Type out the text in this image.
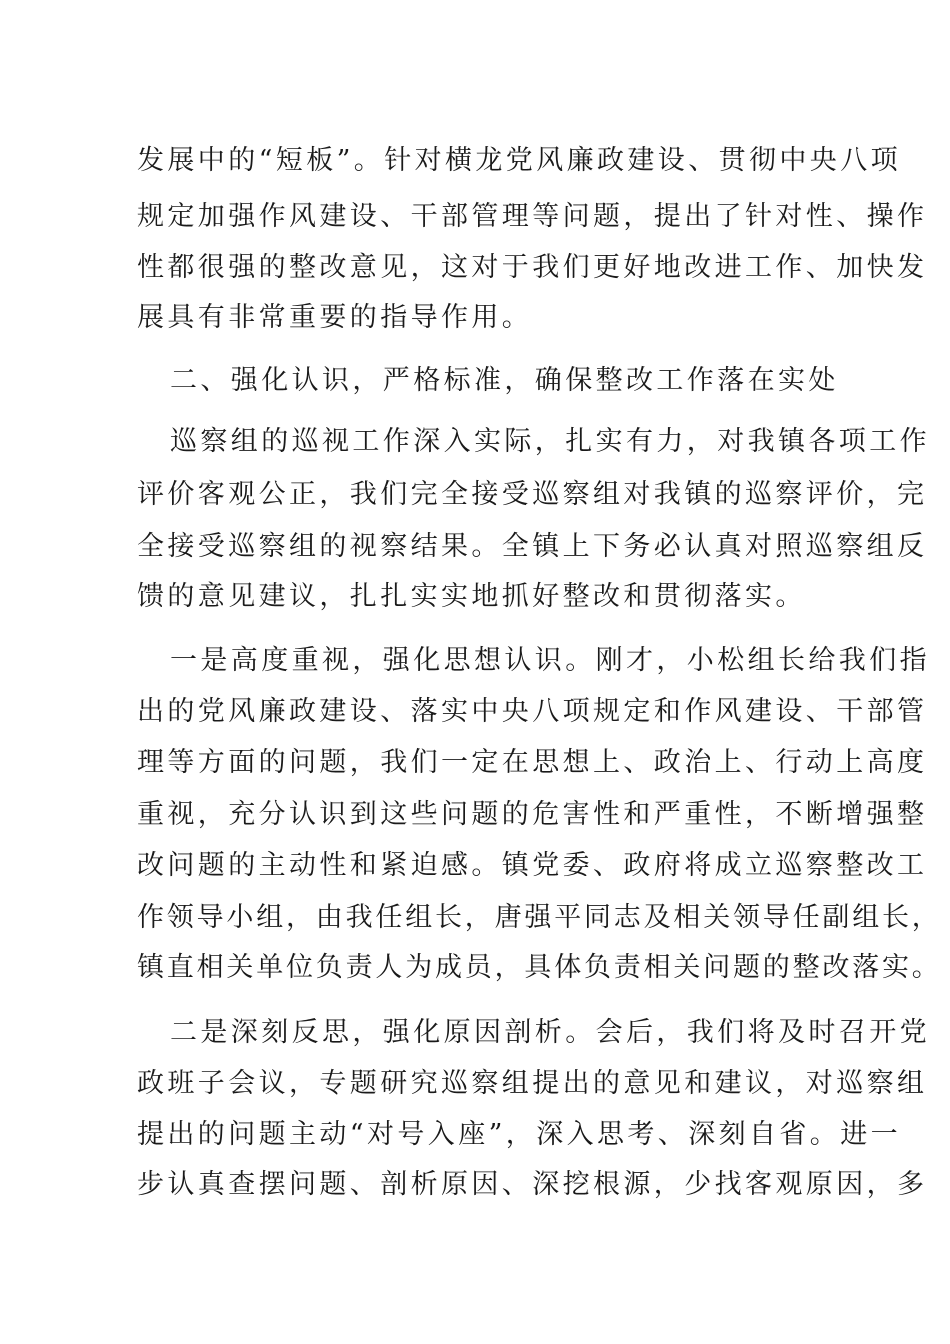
发展中的“短板”。针对横龙党风廉政建设、贯彻中央八项
规定加强作风建设、干部管理等问题，提出了针对性、操作
性都很强的整改意见，这对于我们更好地改进工作、加快发
展具有非常重要的指导作用。
二、强化认识，严格标准，确保整改工作落在实处
巡察组的巡视工作深入实际，扎实有力，对我镇各项工作
评价客观公正，我们完全接受巡察组对我镇的巡察评价，完
全接受巡察组的视察结果。全镇上下务必认真对照巡察组反
馈的意见建议，扎扎实实地抓好整改和贯彻落实。
一是高度重视，强化思想认识。刚才，小松组长给我们指
出的党风廉政建设、落实中央八项规定和作风建设、干部管
理等方面的问题，我们一定在思想上、政治上、行动上高度
重视，充分认识到这些问题的危害性和严重性，不断增强整
改问题的主动性和紧迫感。镇党委、政府将成立巡察整改工
作领导小组，由我任组长，唐强平同志及相关领导任副组长，
镇直相关单位负责人为成员，具体负责相关问题的整改落实。
二是深刻反思，强化原因剖析。会后，我们将及时召开党
政班子会议，专题研究巡察组提出的意见和建议，对巡察组
提出的问题主动“对号入座”，深入思考、深刻自省。进一
步认真查摆问题、剖析原因、深挖根源，少找客观原因，多
